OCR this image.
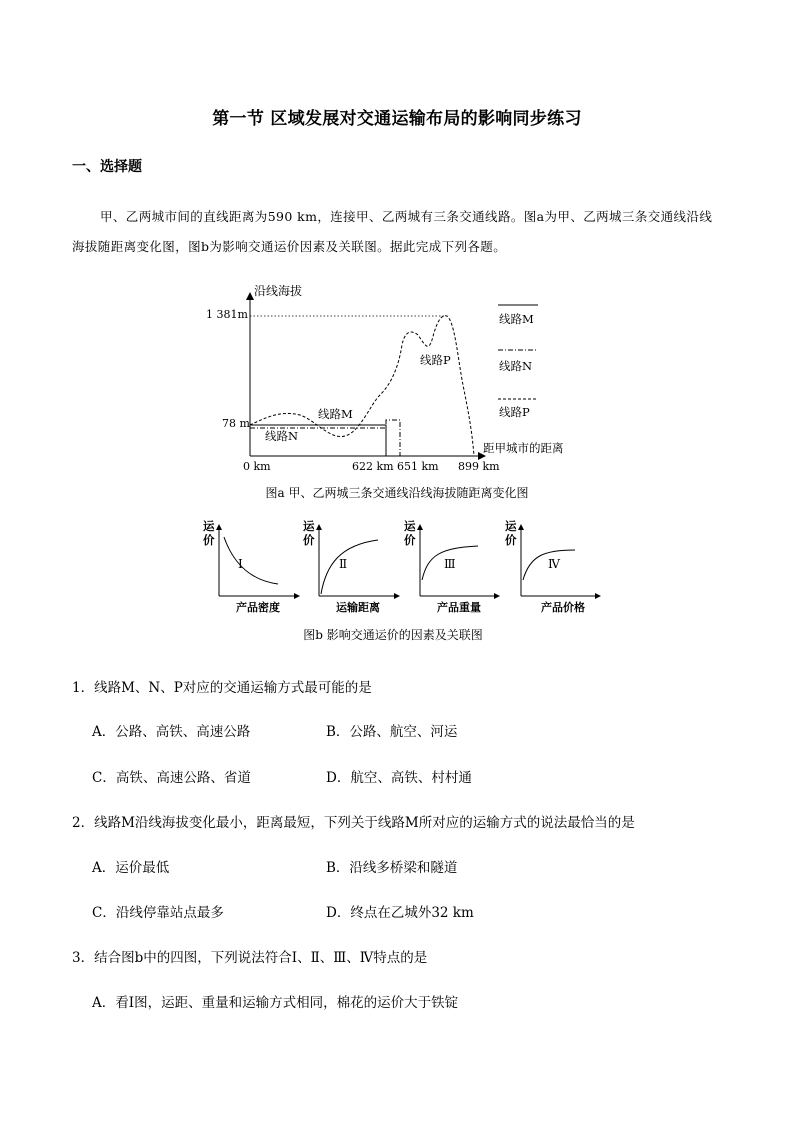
第一节 区域发展对交通运输布局的影响同步练习
一、选择题
甲、乙两城市间的直线距离为590 km，连接甲、乙两城有三条交通线路。图a为甲、乙两城三条交通线沿线海拔随距离变化图，图b为影响交通运价因素及关联图。据此完成下列各题。
沿线海拔
距甲城市的距离
1 381m
78 m
0 km	622 km 651 km 899 km
线路M
线路N
线路P
线路M
线路N
线路P
图a 甲、乙两城三条交通线沿线海拔随距离变化图
运
价
Ⅰ
产品密度
运
价
Ⅱ
运输距离
运
价
Ⅲ
产品重量
运
价
Ⅳ
产品价格
图b 影响交通运价的因素及关联图
1．线路M、N、P对应的交通运输方式最可能的是
A．公路、高铁、高速公路	B．公路、航空、河运
C．高铁、高速公路、省道	D．航空、高铁、村村通
2．线路M沿线海拔变化最小，距离最短，下列关于线路M所对应的运输方式的说法最恰当的是
A．运价最低	B．沿线多桥梁和隧道
C．沿线停靠站点最多	D．终点在乙城外32 km
3．结合图b中的四图，下列说法符合Ⅰ、Ⅱ、Ⅲ、Ⅳ特点的是
A．看Ⅰ图，运距、重量和运输方式相同，棉花的运价大于铁锭
